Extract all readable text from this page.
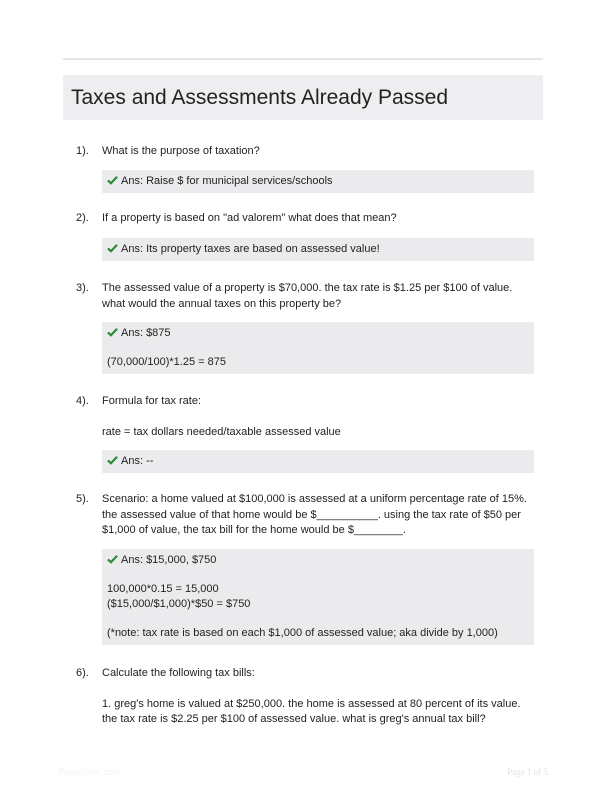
Taxes and Assessments Already Passed
1). What is the purpose of taxation?

Ans: Raise $ for municipal services/schools

2). If a property is based on "ad valorem" what does that mean?

Ans: Its property taxes are based on assessed value!

3). The assessed value of a property is $70,000. the tax rate is $1.25 per $100 of value. what would the annual taxes on this property be?

Ans: $875

(70,000/100)*1.25 = 875

4). Formula for tax rate:

rate = tax dollars needed/taxable assessed value

Ans: --

5). Scenario: a home valued at $100,000 is assessed at a uniform percentage rate of 15%. the assessed value of that home would be $__________. using the tax rate of $50 per $1,000 of value, the tax bill for the home would be $________.

Ans: $15,000, $750

100,000*0.15 = 15,000

($15,000/$1,000)*$50 = $750

(*note: tax rate is based on each $1,000 of assessed value; aka divide by 1,000)

6). Calculate the following tax bills:

1. greg's home is valued at $250,000. the home is assessed at 80 percent of its value. the tax rate is $2.25 per $100 of assessed value. what is greg's annual tax bill?

PaperSlidc.com	Page 1 of 5
